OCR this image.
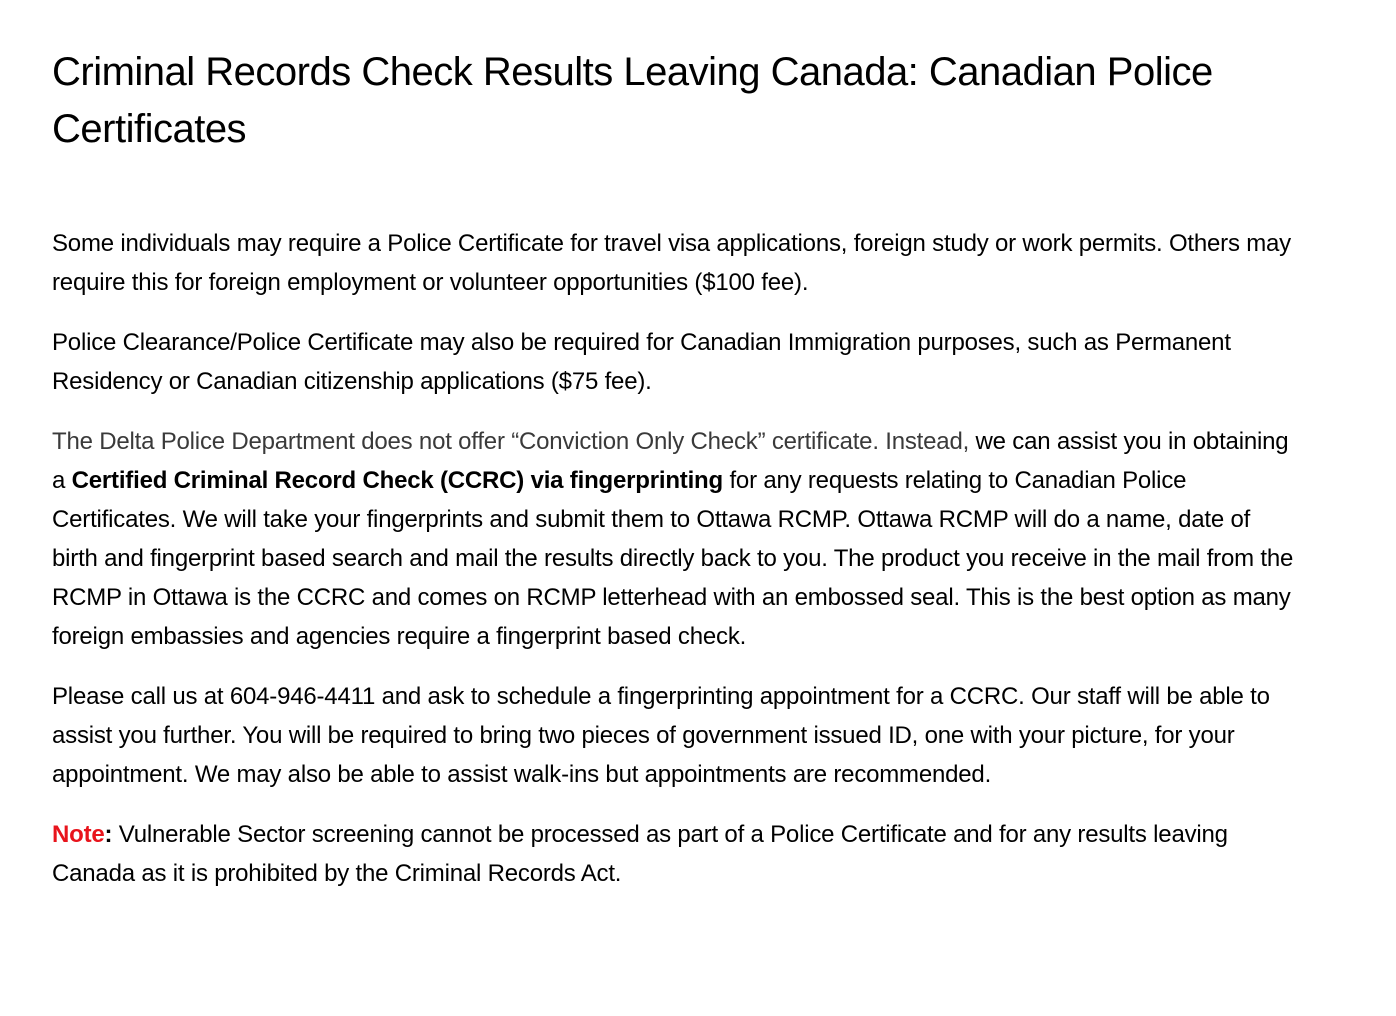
Criminal Records Check Results Leaving Canada: Canadian Police Certificates

Some individuals may require a Police Certificate for travel visa applications, foreign study or work permits. Others may require this for foreign employment or volunteer opportunities ($100 fee).

Police Clearance/Police Certificate may also be required for Canadian Immigration purposes, such as Permanent Residency or Canadian citizenship applications ($75 fee).

The Delta Police Department does not offer “Conviction Only Check” certificate. Instead, we can assist you in obtaining a Certified Criminal Record Check (CCRC) via fingerprinting for any requests relating to Canadian Police Certificates. We will take your fingerprints and submit them to Ottawa RCMP. Ottawa RCMP will do a name, date of birth and fingerprint based search and mail the results directly back to you. The product you receive in the mail from the RCMP in Ottawa is the CCRC and comes on RCMP letterhead with an embossed seal. This is the best option as many foreign embassies and agencies require a fingerprint based check.

Please call us at 604-946-4411 and ask to schedule a fingerprinting appointment for a CCRC. Our staff will be able to assist you further. You will be required to bring two pieces of government issued ID, one with your picture, for your appointment. We may also be able to assist walk-ins but appointments are recommended.

Note: Vulnerable Sector screening cannot be processed as part of a Police Certificate and for any results leaving Canada as it is prohibited by the Criminal Records Act.
